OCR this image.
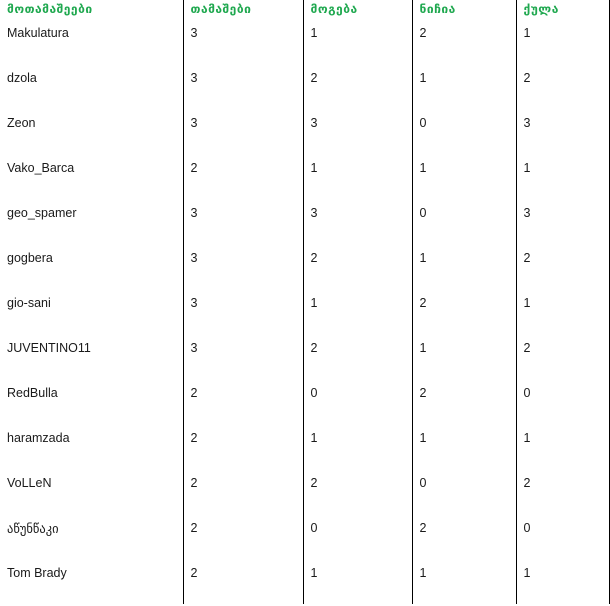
მოთამაშეები	თამაშები	მოგება	ნიჩია	ქულა
Makulatura	3	1	2	1
dzola	3	2	1	2
Zeon	3	3	0	3
Vako_Barca	2	1	1	1
geo_spamer	3	3	0	3
gogbera	3	2	1	2
gio-sani	3	1	2	1
JUVENTINO11	3	2	1	2
RedBulla	2	0	2	0
haramzada	2	1	1	1
VoLLeN	2	2	0	2
აწუნწაკი	2	0	2	0
Tom Brady	2	1	1	1
